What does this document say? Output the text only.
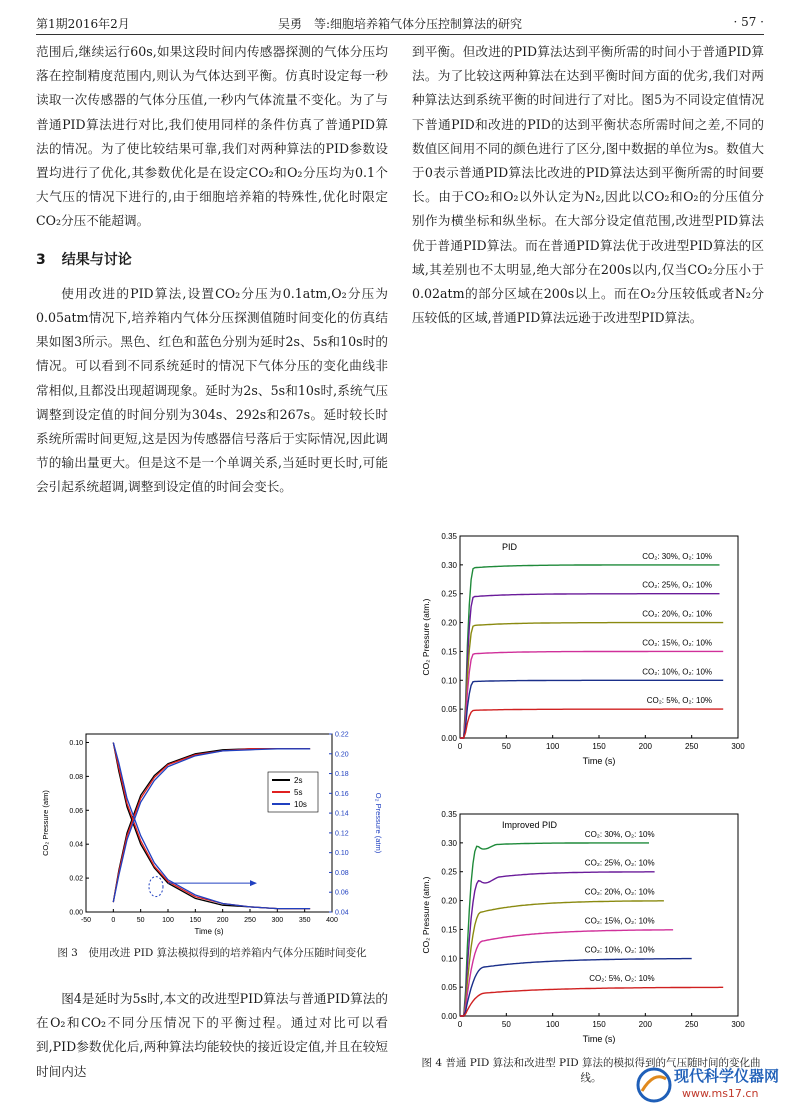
第1期2016年2月	吴勇　等:细胞培养箱气体分压控制算法的研究	· 57 ·

范围后,继续运行60s,如果这段时间内传感器探测的气体分压均落在控制精度范围内,则认为气体达到平衡。仿真时设定每一秒读取一次传感器的气体分压值,一秒内气体流量不变化。为了与普通PID算法进行对比,我们使用同样的条件仿真了普通PID算法的情况。为了使比较结果可靠,我们对两种算法的PID参数设置均进行了优化,其参数优化是在设定CO₂和O₂分压均为0.1个大气压的情况下进行的,由于细胞培养箱的特殊性,优化时限定CO₂分压不能超调。

3 结果与讨论

使用改进的PID算法,设置CO₂分压为0.1atm,O₂分压为0.05atm情况下,培养箱内气体分压探测值随时间变化的仿真结果如图3所示。黑色、红色和蓝色分别为延时2s、5s和10s时的情况。可以看到不同系统延时的情况下气体分压的变化曲线非常相似,且都没出现超调现象。延时为2s、5s和10s时,系统气压调整到设定值的时间分别为304s、292s和267s。延时较长时系统所需时间更短,这是因为传感器信号落后于实际情况,因此调节的输出量更大。但是这不是一个单调关系,当延时更长时,可能会引起系统超调,调整到设定值的时间会变长。

-50	0	50	100 150 200 250 300 350 400
0.00
0.02
0.04
0.06
0.08
0.10
0.04
0.06
0.08
0.10
0.12
0.14
0.16
0.18
0.20
0.22
Time (s)
CO₂ Pressure (atm)	O₂ Pressure (atm)
2s
5s
10s
图 3　使用改进 PID 算法模拟得到的培养箱内气体分压随时间变化

图4是延时为5s时,本文的改进型PID算法与普通PID算法的在O₂和CO₂不同分压情况下的平衡过程。通过对比可以看到,PID参数优化后,两种算法均能较快的接近设定值,并且在较短时间内达

到平衡。但改进的PID算法达到平衡所需的时间小于普通PID算法。为了比较这两种算法在达到平衡时间方面的优劣,我们对两种算法达到系统平衡的时间进行了对比。图5为不同设定值情况下普通PID和改进的PID的达到平衡状态所需时间之差,不同的数值区间用不同的颜色进行了区分,图中数据的单位为s。数值大于0表示普通PID算法比改进的PID算法达到平衡所需的时间要长。由于CO₂和O₂以外认定为N₂,因此以CO₂和O₂的分压值分别作为横坐标和纵坐标。在大部分设定值范围,改进型PID算法优于普通PID算法。而在普通PID算法优于改进型PID算法的区域,其差别也不太明显,绝大部分在200s以内,仅当CO₂分压小于0.02atm的部分区域在200s以上。而在O₂分压较低或者N₂分压较低的区域,普通PID算法远逊于改进型PID算法。

0	50	100	150	200	250	300
0.00
0.05
0.10
0.15
0.20
0.25
0.30
0.35
Time (s)
CO₂ Pressure (atm.)
PID
CO₂: 30%, O₂: 10%
CO₂: 25%, O₂: 10%
CO₂: 20%, O₂: 10%
CO₂: 15%, O₂: 10%
CO₂: 10%, O₂: 10%
CO₂: 5%, O₂: 10%
0	50	100	150	200	250	300
0.00
0.05
0.10
0.15
0.20
0.25
0.30
0.35
Time (s)
CO₂ Pressure (atm.)
Improved PID
CO₂: 30%, O₂: 10%
CO₂: 25%, O₂: 10%
CO₂: 20%, O₂: 10%
CO₂: 15%, O₂: 10%
CO₂: 10%, O₂: 10%
CO₂: 5%, O₂: 10%
图 4 普通 PID 算法和改进型 PID 算法的模拟得到的气压随时间的变化曲线。	现代科学仪器网
www.ms17.cn
